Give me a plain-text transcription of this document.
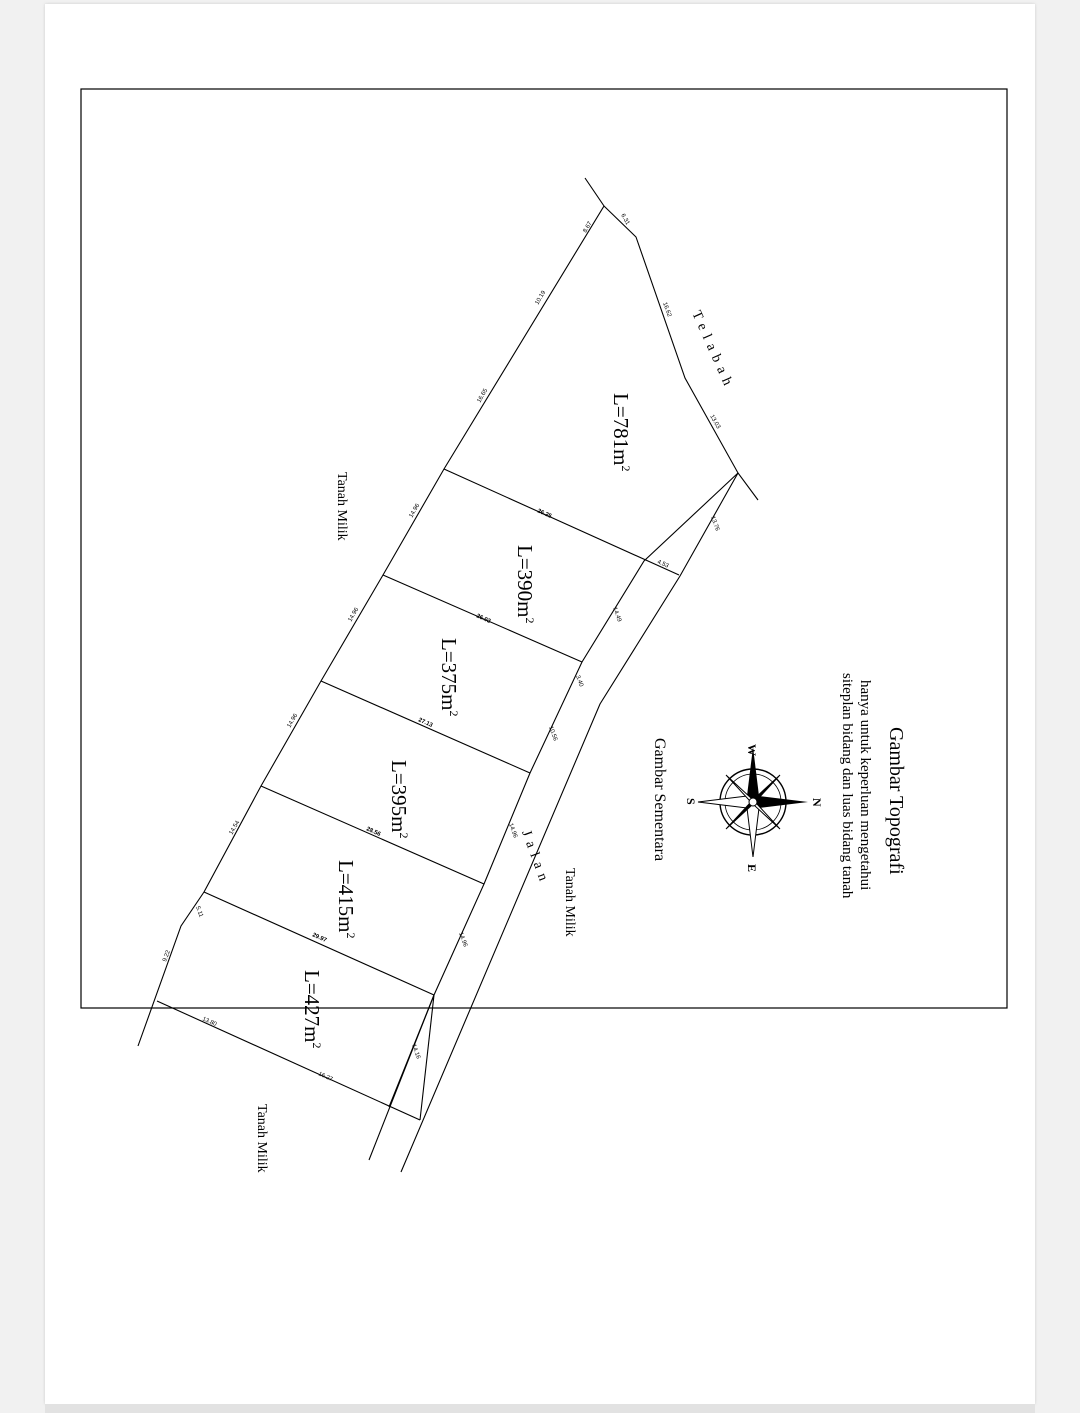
$L=781m^2$
$L=390m^2$
$L=375m^2$
$L=395m^2$
$L=415m^2$
$L=427m^2$
6.31
8.67
16.62
13.03
10.19
16.65
13.76
26.25
4.53
14.96
14.49
26.02
14.96
3.40
27.13
14.96
10.56
28.56	14.96
14.54
29.97	14.96
5.11
13.80
16.27
14.16
9.22
Tanah Milik
Tanah Milik
Tanah Milik
Telabah
Jalan	Gambar Topografi
hanya untuk keperluan mengetahui
siteplan bidang dan luas bidang tanah
Gambar Sementara	W
E
N
S
